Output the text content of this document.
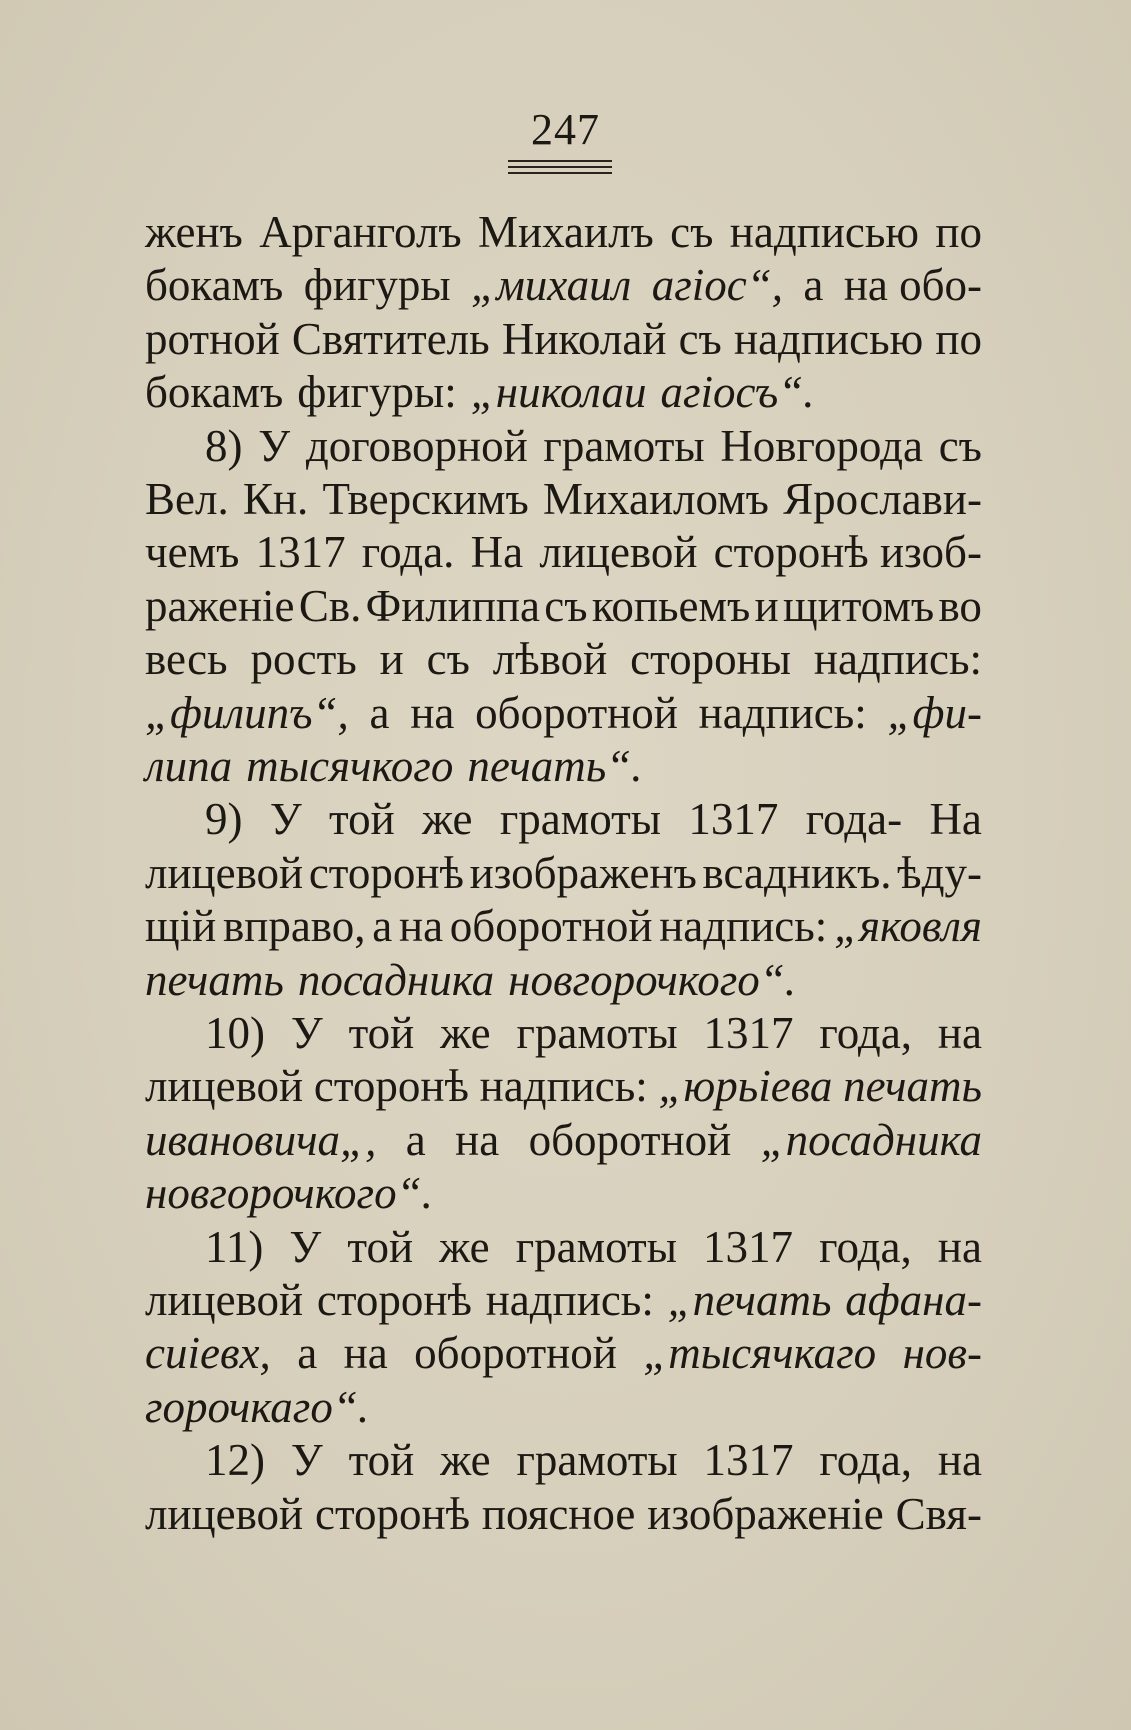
247
женъ Арганголъ Михаилъ съ надписью по
бокамъ фигуры „михаил агіос“, а на обо-
ротной Святитель Николай съ надписью по
бокамъ фигуры: „николаи агіосъ“.
8) У договорной грамоты Новгорода съ
Вел. Кн. Тверскимъ Михаиломъ Ярослави-
чемъ 1317 года. На лицевой сторонѣ изоб-
раженіе Св. Филиппа съ копьемъ и щитомъ во
весь рость и съ лѣвой стороны надпись:
„филипъ“, а на оборотной надпись: „фи-
липа тысячкого печать“.
9) У той же грамоты 1317 года- На
лицевой сторонѣ изображенъ всадникъ. ѣду-
щій вправо, а на оборотной надпись: „яковля
печать посадника новгорочкого“.
10) У той же грамоты 1317 года, на
лицевой сторонѣ надпись: „юрьіева печать
ивановича„, а на оборотной „посадника
новгорочкого“.
11) У той же грамоты 1317 года, на
лицевой сторонѣ надпись: „печать афана-
сиіевх, а на оборотной „тысячкаго нов-
горочкаго“.
12) У той же грамоты 1317 года, на
лицевой сторонѣ поясное изображеніе Свя-
